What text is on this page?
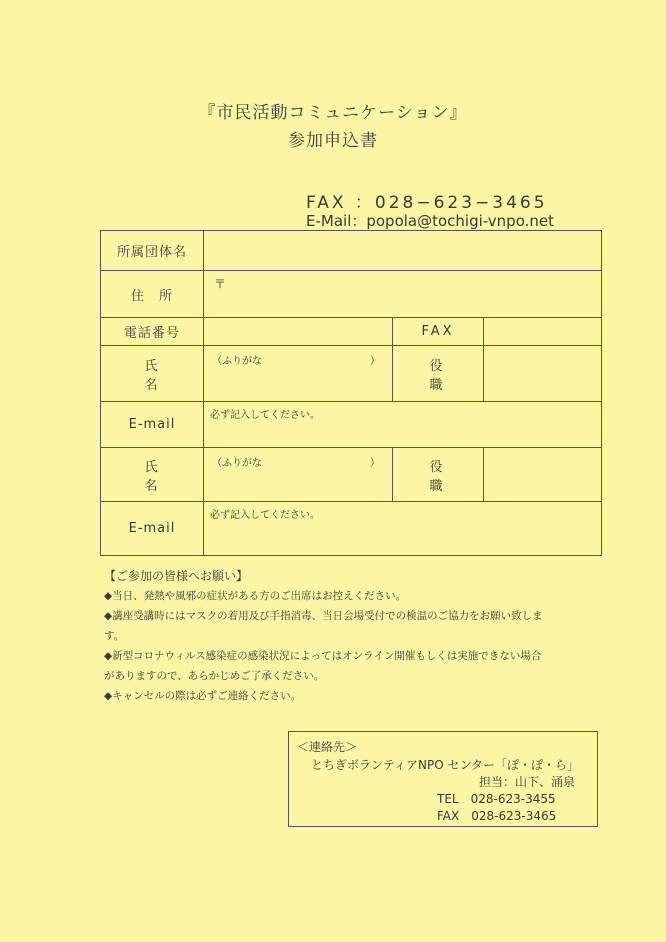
『市民活動コミュニケーション』
参加申込書
FAX ：028−623−3465
E-Mail：popola@tochigi-vnpo.net
所属団体名			
住　所	〒		

電話番号		FAX	
氏　名	（ふりがな ）	役　職	
E-mail	必ず記入してください。		

氏　名	（ふりがな ）	役　職	
E-mail	必ず記入してください。		
【ご参加の皆様へお願い】
◆当日、発熱や風邪の症状がある方のご出席はお控えください。
◆講座受講時にはマスクの着用及び手指消毒、当日会場受付での検温のご協力をお願い致しま
す。
◆新型コロナウィルス感染症の感染状況によってはオンライン開催もしくは実施できない場合
がありますので、あらかじめご了承ください。
◆キャンセルの際は必ずご連絡ください。
＜連絡先＞
とちぎボランティアNPO センター「ぽ・ぽ・ら」
担当：山下、涌泉
TEL　028-623-3455
FAX　028-623-3465
